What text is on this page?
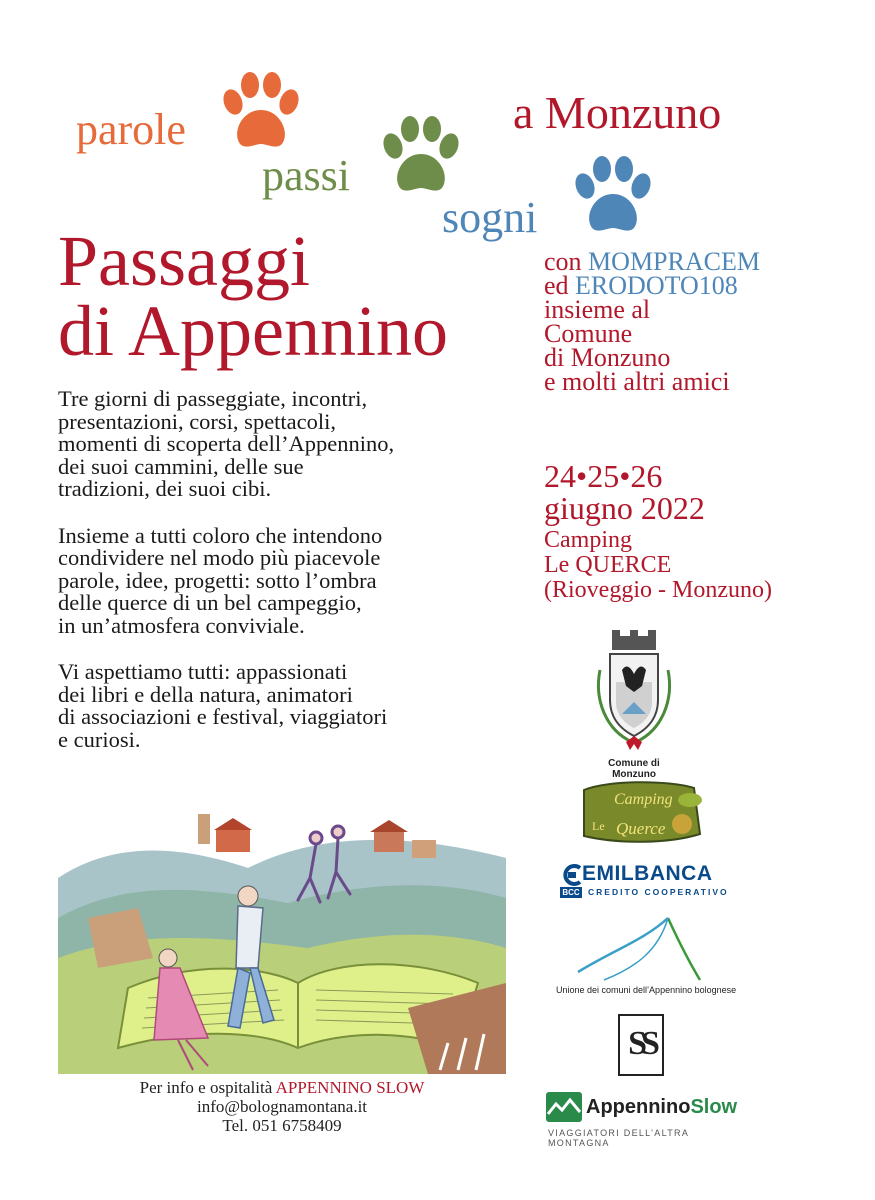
parole
passi
sogni
a Monzuno
Passaggi
di Appennino
con MOMPRACEM
ed ERODOTO108
insieme al
Comune
di Monzuno
e molti altri amici
24•25•26
giugno 2022
Camping
Le QUERCE
(Rioveggio - Monzuno)

Tre giorni di passeggiate, incontri,
presentazioni, corsi, spettacoli,
momenti di scoperta dell’Appennino,
dei suoi cammini, delle sue
tradizioni, dei suoi cibi.

Insieme a tutti coloro che intendono
condividere nel modo più piacevole
parole, idee, progetti: sotto l’ombra
delle querce di un bel campeggio,
in un’atmosfera conviviale.

Vi aspettiamo tutti: appassionati
dei libri e della natura, animatori
di associazioni e festival, viaggiatori
e curiosi.

Per info e ospitalità APPENNINO SLOW
info@bolognamontana.it
Tel. 051 6758409
Comune di Monzuno
Camping
Le Querce
EMILBANCA
BCC CREDITO COOPERATIVO
Unione dei comuni dell’Appennino bolognese
SS
AppenninoSlow
VIAGGIATORI DELL’ALTRA MONTAGNA
